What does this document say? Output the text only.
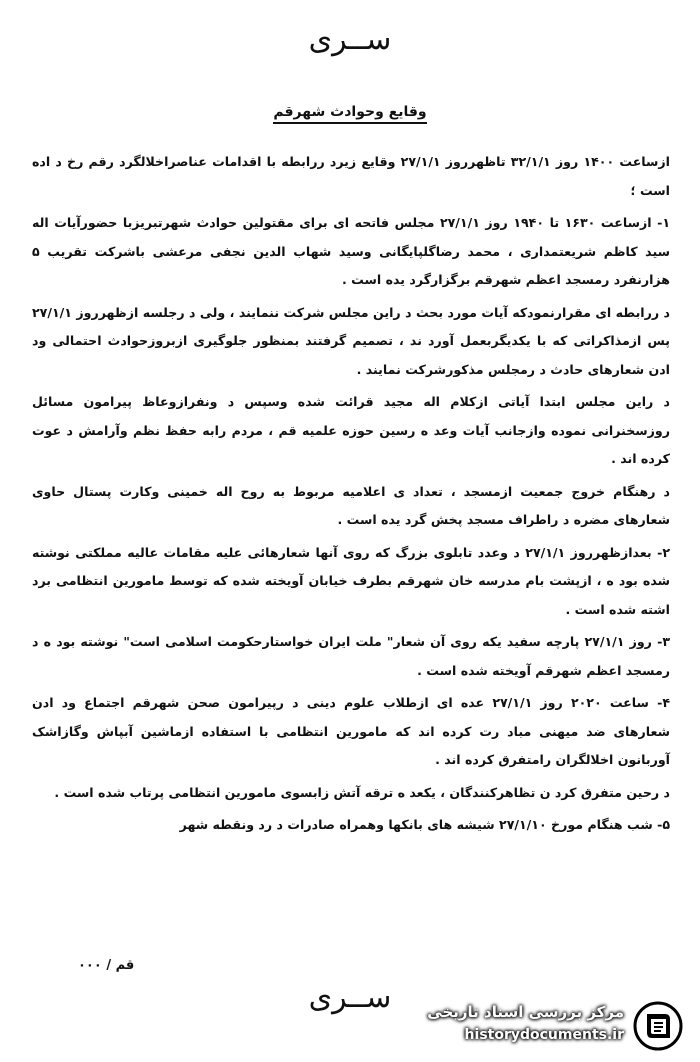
ســری
وقایع وحوادث شهرقم

ازساعت ۱۴۰۰ روز ۳۲/۱/۱ تاظهرروز ۲۷/۱/۱ وقایع زیرد ررابطه با اقدامات عناصراخلالگرد رقم رخ د اده است ؛

۱- ازساعت ۱۶۳۰ تا ۱۹۴۰ روز ۲۷/۱/۱ مجلس فاتحه ای برای مقتولین حوادث شهرتبریزبا حضورآیات اله سید کاظم شریعتمداری ، محمد رضاگلپایگانی وسید شهاب الدین نجفی مرعشی باشرکت تقریب ۵ هزارنفرد رمسجد اعظم شهرقم برگزارگرد یده است .

د ررابطه ای مقرارنمودکه آیات مورد بحث د راین مجلس شرکت ننمایند ، ولی د رجلسه ازظهرروز ۲۷/۱/۱ پس ازمذاکراتی که با یکدیگربعمل آورد ند ، تصمیم گرفتند بمنظور جلوگیری ازبروزحوادث احتمالی ود ادن شعارهای حادث د رمجلس مذکورشرکت نمایند .

د راین مجلس ابتدا آیاتی ازکلام اله مجید قرائت شده وسپس د ونفرازوعاظ پیرامون مسائل روزسخنرانی نموده وازجانب آیات وعد ه رسین حوزه علمیه قم ، مردم رابه حفظ نظم وآرامش د عوت کرده اند .

د رهنگام خروج جمعیت ازمسجد ، تعداد ی اعلامیه مربوط به روح اله خمینی وکارت پستال حاوی شعارهای مضره د راطراف مسجد پخش گرد یده است .

۲- بعدازظهرروز ۲۷/۱/۱ د وعدد تابلوی بزرگ که روی آنها شعارهائی علیه مقامات عالیه مملکتی نوشته شده بود ه ، ازپشت بام مدرسه خان شهرقم بطرف خیابان آویخته شده که توسط مامورین انتظامی برد اشته شده است .

۳- روز ۲۷/۱/۱ پارچه سفید یکه روی آن شعار" ملت ایران خواستارحکومت اسلامی است" نوشته بود ه د رمسجد اعظم شهرقم آویخته شده است .

۴- ساعت ۲۰۲۰ روز ۲۷/۱/۱ عده ای ازطلاب علوم دینی د رپیرامون صحن شهرقم اجتماع ود ادن شعارهای ضد میهنی مباد رت کرده اند که مامورین انتظامی با استفاده ازماشین آبپاش وگازاشک آوربانون اخلالگران رامتفرق کرده اند .

د رحین متفرق کرد ن تظاهرکنندگان ، یکعد ه ترقه آتش زابسوی مامورین انتظامی پرتاب شده است .

۵- شب هنگام مورخ ۲۷/۱/۱۰ شیشه های بانکها وهمراه صادرات د رد ونقطه شهر

قم / ۰۰۰
ســری	مرکز بررسی اسناد تاریخی
historydocuments.ir
